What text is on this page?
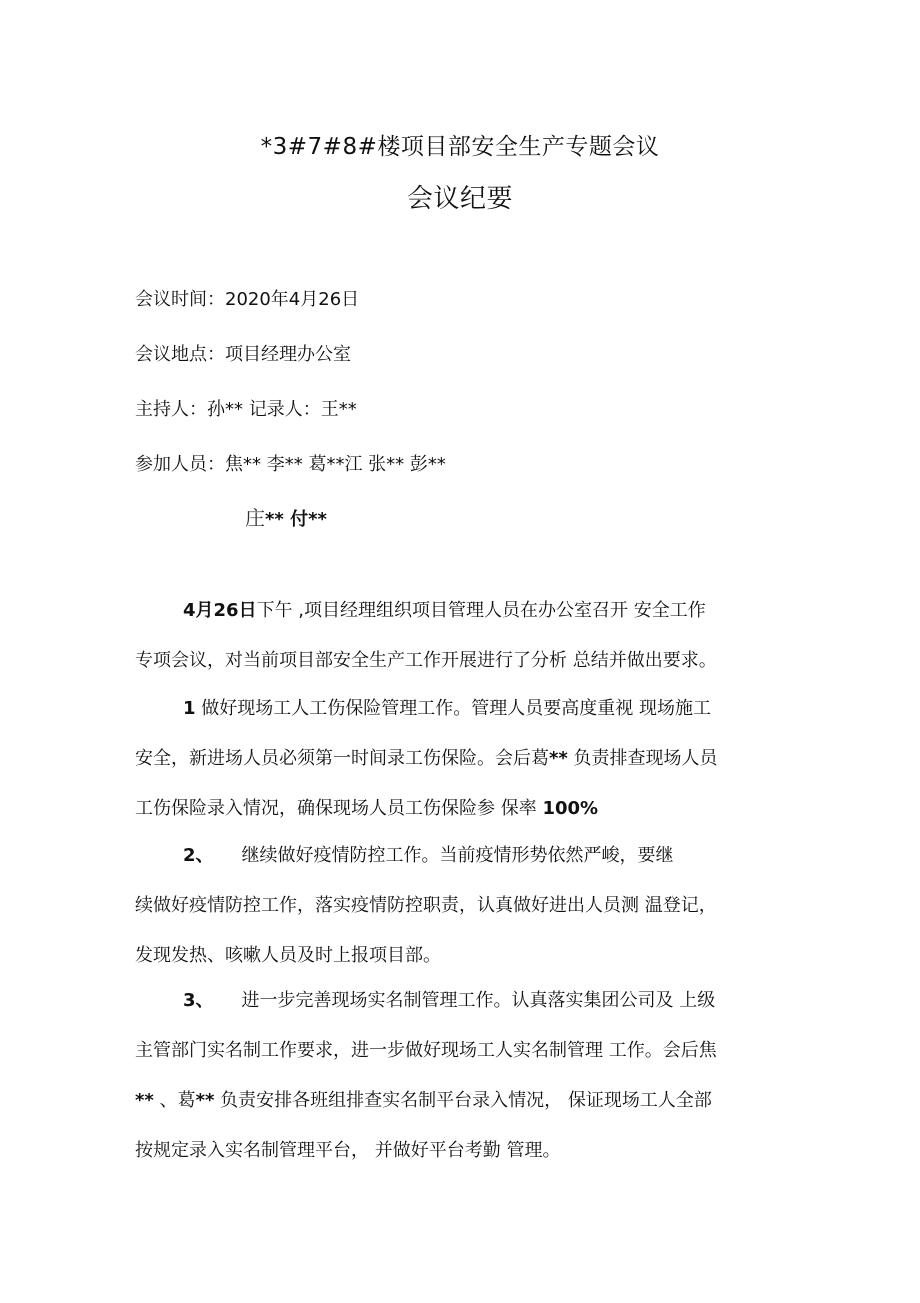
*3#7#8#楼项目部安全生产专题会议
会议纪要
会议时间：2020年4月26日
会议地点：项目经理办公室
主持人：孙** 记录人：王**
参加人员：焦** 李** 葛**江 张** 彭**
庄** 付**
4月26日下午 ,项目经理组织项目管理人员在办公室召开 安全工作
专项会议，对当前项目部安全生产工作开展进行了分析 总结并做出要求。
1 做好现场工人工伤保险管理工作。管理人员要高度重视 现场施工
安全，新进场人员必须第一时间录工伤保险。会后葛** 负责排查现场人员
工伤保险录入情况，确保现场人员工伤保险参 保率 100%
2、 继续做好疫情防控工作。当前疫情形势依然严峻，要继
续做好疫情防控工作，落实疫情防控职责，认真做好进出人员测 温登记，
发现发热、咳嗽人员及时上报项目部。
3、 进一步完善现场实名制管理工作。认真落实集团公司及 上级
主管部门实名制工作要求，进一步做好现场工人实名制管理 工作。会后焦
** 、葛** 负责安排各班组排查实名制平台录入情况， 保证现场工人全部
按规定录入实名制管理平台， 并做好平台考勤 管理。
